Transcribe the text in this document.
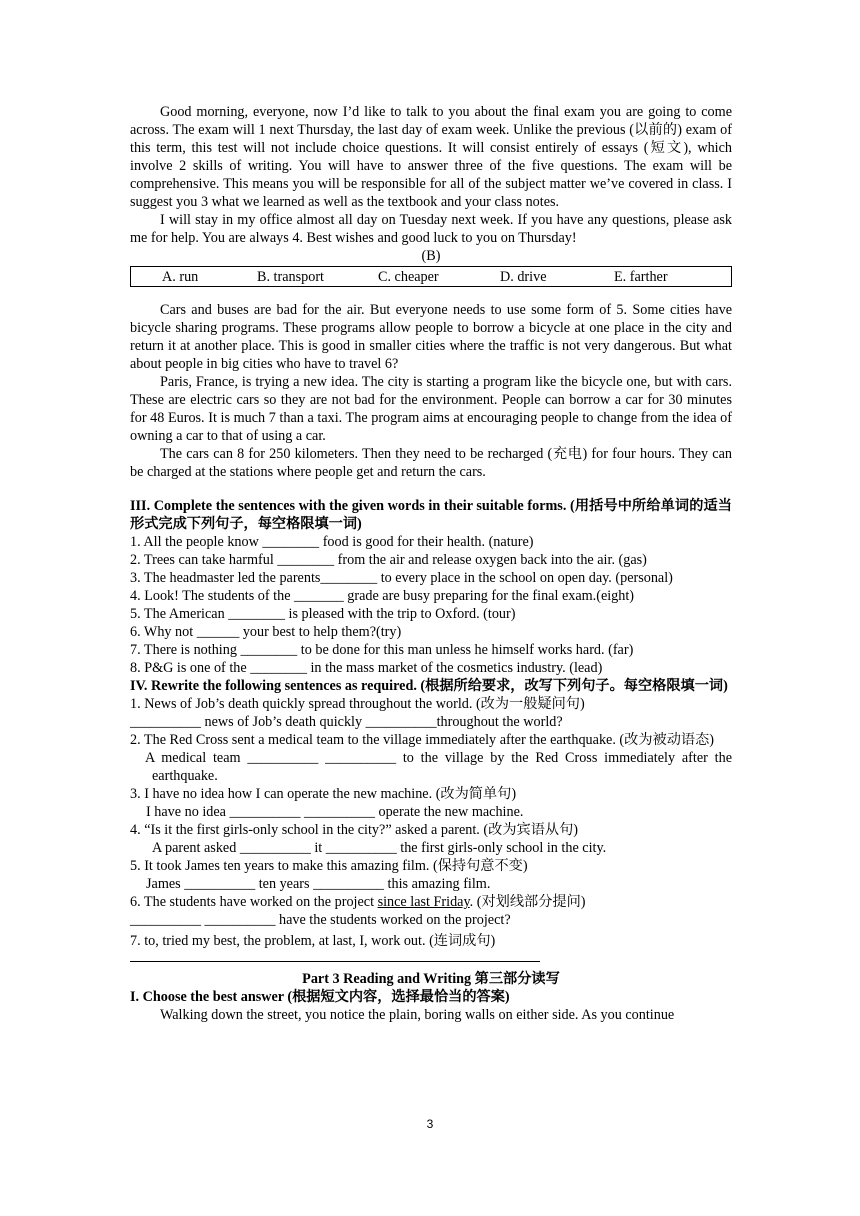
Good morning, everyone, now I’d like to talk to you about the final exam you are going to come across. The exam will 1 next Thursday, the last day of exam week. Unlike the previous (以前的) exam of this term, this test will not include choice questions. It will consist entirely of essays (短文), which involve 2 skills of writing. You will have to answer three of the five questions. The exam will be comprehensive. This means you will be responsible for all of the subject matter we’ve covered in class. I suggest you 3 what we learned as well as the textbook and your class notes.

I will stay in my office almost all day on Tuesday next week. If you have any questions, please ask me for help. You are always 4. Best wishes and good luck to you on Thursday!

(B)

A. run	B. transport	C. cheaper	D. drive	E. farther

Cars and buses are bad for the air. But everyone needs to use some form of 5. Some cities have bicycle sharing programs. These programs allow people to borrow a bicycle at one place in the city and return it at another place. This is good in smaller cities where the traffic is not very dangerous. But what about people in big cities who have to travel 6?

Paris, France, is trying a new idea. The city is starting a program like the bicycle one, but with cars. These are electric cars so they are not bad for the environment. People can borrow a car for 30 minutes for 48 Euros. It is much 7 than a taxi. The program aims at encouraging people to change from the idea of owning a car to that of using a car.

The cars can 8 for 250 kilometers. Then they need to be recharged (充电) for four hours. They can be charged at the stations where people get and return the cars.

III. Complete the sentences with the given words in their suitable forms. (用括号中所给单词的适当形式完成下列句子，每空格限填一词)

1. All the people know ________ food is good for their health. (nature)

2. Trees can take harmful ________ from the air and release oxygen back into the air. (gas)

3. The headmaster led the parents________ to every place in the school on open day. (personal)

4. Look! The students of the _______ grade are busy preparing for the final exam.(eight)

5. The American ________ is pleased with the trip to Oxford. (tour)

6. Why not ______ your best to help them?(try)

7. There is nothing ________ to be done for this man unless he himself works hard. (far)

8. P&G is one of the ________ in the mass market of the cosmetics industry. (lead)

IV. Rewrite the following sentences as required. (根据所给要求，改写下列句子。每空格限填一词)

1. News of Job’s death quickly spread throughout the world. (改为一般疑问句)

__________ news of Job’s death quickly __________throughout the world?

2. The Red Cross sent a medical team to the village immediately after the earthquake. (改为被动语态)

A medical team __________ __________ to the village by the Red Cross immediately after the earthquake.

3. I have no idea how I can operate the new machine. (改为简单句)

I have no idea __________ __________ operate the new machine.

4. “Is it the first girls-only school in the city?” asked a parent. (改为宾语从句)

A parent asked __________ it __________ the first girls-only school in the city.

5. It took James ten years to make this amazing film. (保持句意不变)

James __________ ten years __________ this amazing film.

6. The students have worked on the project since last Friday. (对划线部分提问)

__________ __________ have the students worked on the project?

7. to, tried my best, the problem, at last, I, work out. (连词成句)

Part 3 Reading and Writing 第三部分读写

I. Choose the best answer (根据短文内容，选择最恰当的答案)

Walking down the street, you notice the plain, boring walls on either side. As you continue

3
